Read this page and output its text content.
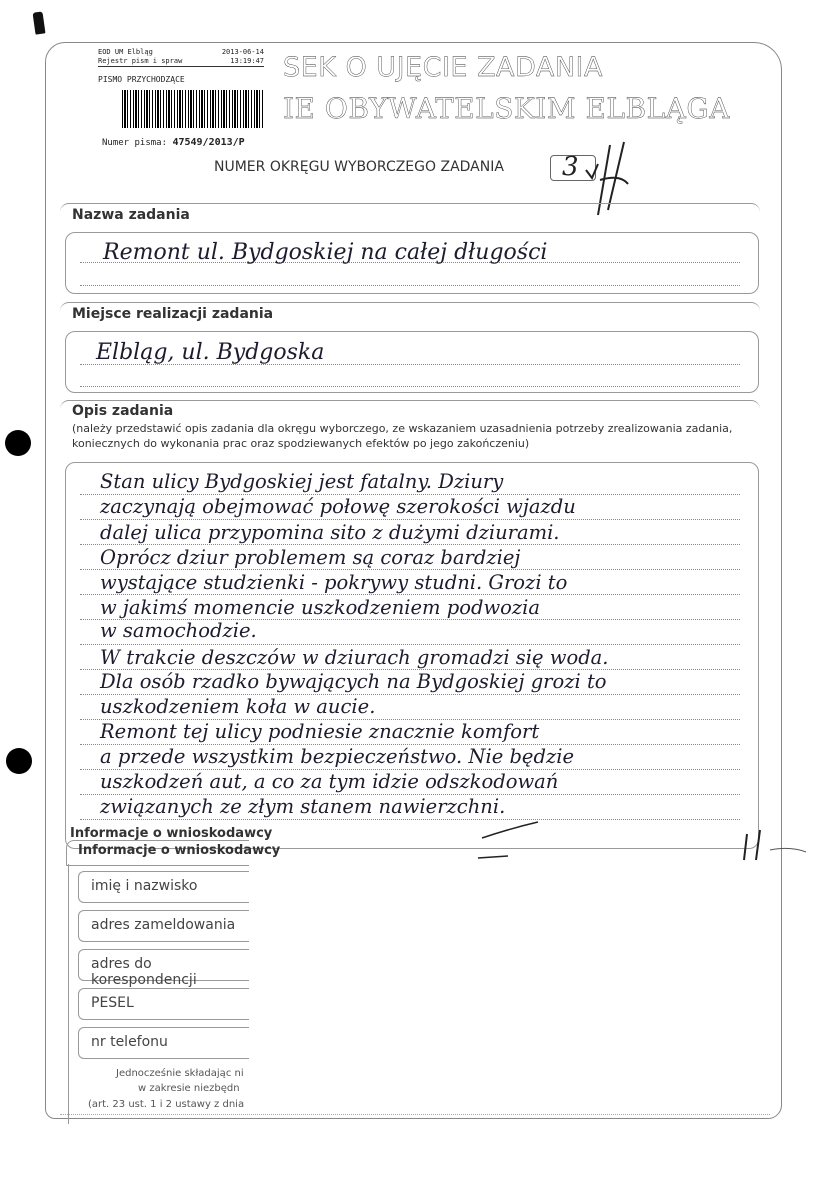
EOD UM Elbląg	2013-06-14
Rejestr pism i spraw	13:19:47
PISMO PRZYCHODZĄCE
Numer pisma: 47549/2013/P
SEK O UJĘCIE ZADANIA
IE OBYWATELSKIM ELBLĄGA
NUMER OKRĘGU WYBORCZEGO ZADANIA 3
Nazwa zadania
Remont ul. Bydgoskiej na całej długości
Miejsce realizacji zadania
Elbląg, ul. Bydgoska
Opis zadania
(należy przedstawić opis zadania dla okręgu wyborczego, ze wskazaniem uzasadnienia potrzeby zrealizowania zadania, koniecznych do wykonania prac oraz spodziewanych efektów po jego zakończeniu)
Stan ulicy Bydgoskiej jest fatalny. Dziury
zaczynają obejmować połowę szerokości wjazdu
dalej ulica przypomina sito z dużymi dziurami.
Oprócz dziur problemem są coraz bardziej
wystające studzienki - pokrywy studni. Grozi to
w jakimś momencie uszkodzeniem podwozia
w samochodzie.
W trakcie deszczów w dziurach gromadzi się woda.
Dla osób rzadko bywających na Bydgoskiej grozi to
uszkodzeniem koła w aucie.
Remont tej ulicy podniesie znacznie komfort
a przede wszystkim bezpieczeństwo. Nie będzie
uszkodzeń aut, a co za tym idzie odszkodowań
związanych ze złym stanem nawierzchni.
Informacje o wnioskodawcy
Informacje o wnioskodawcy
imię i nazwisko
adres zameldowania
adres do korespondencji
PESEL
nr telefonu
Jednocześnie składając ni
w zakresie niezbędn
(art. 23 ust. 1 i 2 ustawy z dnia
